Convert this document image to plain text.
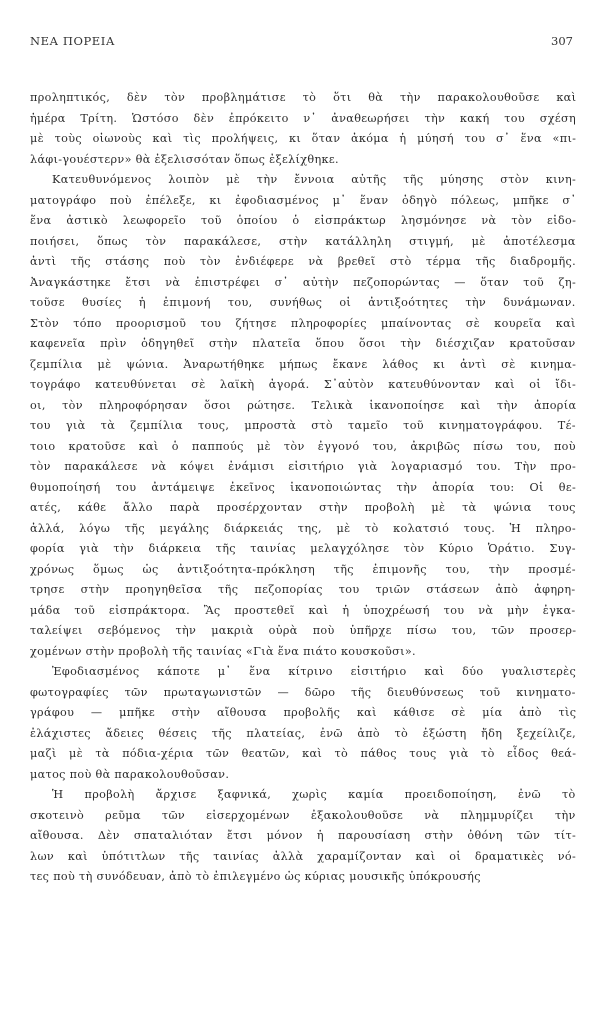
ΝΕΑ ΠΟΡΕΙΑ	307
προληπτικός, δὲν τὸν προβλημάτισε τὸ ὅτι θὰ τὴν παρακολουθοῦσε καὶ
ἡμέρα Τρίτη. Ὡστόσο δὲν ἐπρόκειτο ν᾽ ἀναθεωρήσει τὴν κακή του σχέση
μὲ τοὺς οἰωνοὺς καὶ τὶς προλήψεις, κι ὅταν ἀκόμα ἡ μύησή του σ᾽ ἕνα «πι-
λάφι-γουέστερν» θὰ ἐξελισσόταν ὅπως ἐξελίχθηκε.
Κατευθυνόμενος λοιπὸν μὲ τὴν ἔννοια αὐτῆς τῆς μύησης στὸν κινη-
ματογράφο ποὺ ἐπέλεξε, κι ἐφοδιασμένος μ᾽ ἕναν ὁδηγὸ πόλεως, μπῆκε σ᾽
ἕνα ἀστικὸ λεωφορεῖο τοῦ ὁποίου ὁ εἰσπράκτωρ λησμόνησε νὰ τὸν εἰδο-
ποιήσει, ὅπως τὸν παρακάλεσε, στὴν κατάλληλη στιγμή, μὲ ἀποτέλεσμα
ἀντὶ τῆς στάσης ποὺ τὸν ἐνδιέφερε νὰ βρεθεῖ στὸ τέρμα τῆς διαδρομῆς.
Ἀναγκάστηκε ἔτσι νὰ ἐπιστρέφει σ᾽ αὐτὴν πεζοπορώντας — ὅταν τοῦ ζη-
τοῦσε θυσίες ἡ ἐπιμονή του, συνήθως οἱ ἀντιξοότητες τὴν δυνάμωναν.
Στὸν τόπο προορισμοῦ του ζήτησε πληροφορίες μπαίνοντας σὲ κουρεῖα καὶ
καφενεῖα πρὶν ὁδηγηθεῖ στὴν πλατεῖα ὅπου ὅσοι τὴν διέσχιζαν κρατοῦσαν
ζεμπίλια μὲ ψώνια. Ἀναρωτήθηκε μήπως ἔκανε λάθος κι ἀντὶ σὲ κινημα-
τογράφο κατευθύνεται σὲ λαϊκὴ ἀγορά. Σ᾽αὐτὸν κατευθύνονταν καὶ οἱ ἴδι-
οι, τὸν πληροφόρησαν ὅσοι ρώτησε. Τελικὰ ἱκανοποίησε καὶ τὴν ἀπορία
του γιὰ τὰ ζεμπίλια τους, μπροστὰ στὸ ταμεῖο τοῦ κινηματογράφου. Τέ-
τοιο κρατοῦσε καὶ ὁ παππούς μὲ τὸν ἐγγονό του, ἀκριβῶς πίσω του, ποὺ
τὸν παρακάλεσε νὰ κόψει ἐνάμισι εἰσιτήριο γιὰ λογαριασμό του. Τὴν προ-
θυμοποίησή του ἀντάμειψε ἐκεῖνος ἱκανοποιώντας τὴν ἀπορία του: Οἱ θε-
ατές, κάθε ἄλλο παρὰ προσέρχονταν στὴν προβολὴ μὲ τὰ ψώνια τους
ἀλλά, λόγω τῆς μεγάλης διάρκειάς της, μὲ τὸ κολατσιό τους. Ἡ πληρο-
φορία γιὰ τὴν διάρκεια τῆς ταινίας μελαγχόλησε τὸν Κύριο Ὁράτιο. Συγ-
χρόνως ὅμως ὡς ἀντιξοότητα-πρόκληση τῆς ἐπιμονῆς του, τὴν προσμέ-
τρησε στὴν προηγηθεῖσα τῆς πεζοπορίας του τριῶν στάσεων ἀπὸ ἀφηρη-
μάδα τοῦ εἰσπράκτορα. Ἂς προστεθεῖ καὶ ἡ ὑποχρέωσή του νὰ μὴν ἐγκα-
ταλείψει σεβόμενος τὴν μακριὰ οὐρὰ ποὺ ὑπῆρχε πίσω του, τῶν προσερ-
χομένων στὴν προβολὴ τῆς ταινίας «Γιὰ ἕνα πιάτο κουσκοῦσι».
Ἐφοδιασμένος κάποτε μ᾽ ἕνα κίτρινο εἰσιτήριο καὶ δύο γυαλιστερὲς
φωτογραφίες τῶν πρωταγωνιστῶν — δῶρο τῆς διευθύνσεως τοῦ κινηματο-
γράφου — μπῆκε στὴν αἴθουσα προβολῆς καὶ κάθισε σὲ μία ἀπὸ τὶς
ἐλάχιστες ἄδειες θέσεις τῆς πλατείας, ἐνῶ ἀπὸ τὸ ἐξώστη ἤδη ξεχείλιζε,
μαζὶ μὲ τὰ πόδια-χέρια τῶν θεατῶν, καὶ τὸ πάθος τους γιὰ τὸ εἶδος θεά-
ματος ποὺ θὰ παρακολουθοῦσαν.
Ἡ προβολὴ ἄρχισε ξαφνικά, χωρὶς καμία προειδοποίηση, ἐνῶ τὸ
σκοτεινὸ ρεῦμα τῶν εἰσερχομένων ἐξακολουθοῦσε νὰ πλημμυρίζει τὴν
αἴθουσα. Δὲν σπαταλιόταν ἔτσι μόνον ἡ παρουσίαση στὴν ὀθόνη τῶν τίτ-
λων καὶ ὑπότιτλων τῆς ταινίας ἀλλὰ χαραμίζονταν καὶ οἱ δραματικὲς νό-
τες ποὺ τὴ συνόδευαν, ἀπὸ τὸ ἐπιλεγμένο ὡς κύριας μουσικῆς ὑπόκρουσής
